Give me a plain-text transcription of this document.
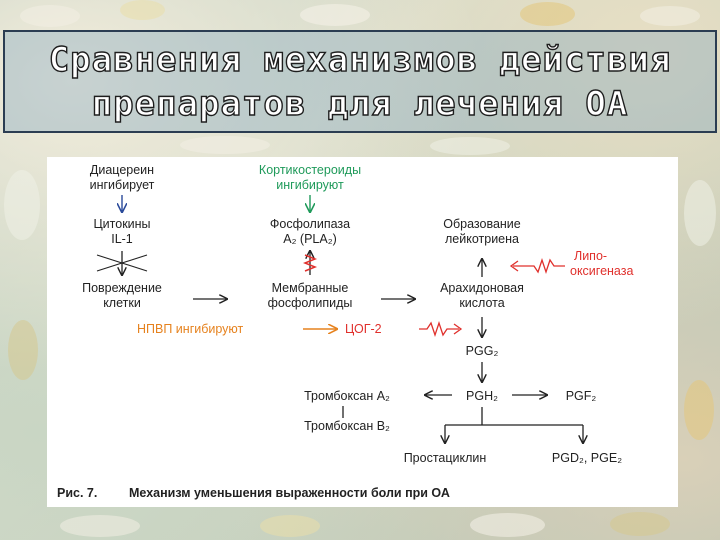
Сравнения механизмов действия
препаратов для лечения ОА
Диацереин
ингибирует
Цитокины
IL-1
Повреждение
клетки
Кортикостероиды
ингибируют
Фосфолипаза
A₂ (PLA₂)
Мембранные
фосфолипиды
Образование
лейкотриена
Липо-
оксигеназа
Арахидоновая
кислота
НПВП ингибируют	ЦОГ-2
PGG₂
PGH₂
Тромбоксан A₂	PGF₂
Тромбоксан B₂
Простациклин	PGD₂, PGE₂
Рис. 7.	Механизм уменьшения выраженности боли при ОА
